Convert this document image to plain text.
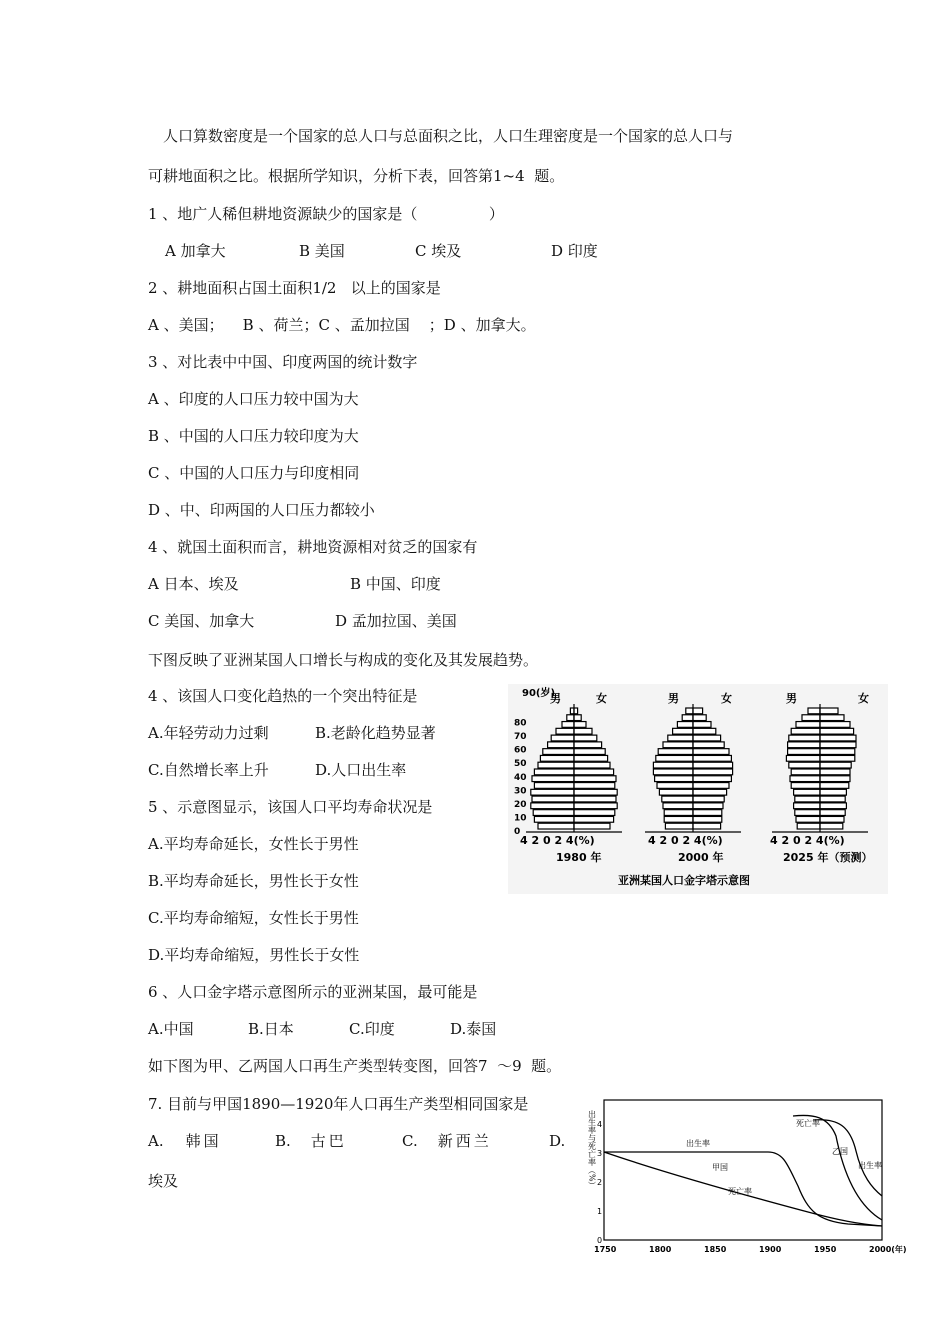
人口算数密度是一个国家的总人口与总面积之比，人口生理密度是一个国家的总人口与
可耕地面积之比。根据所学知识，分析下表，回答第1~4  题。
1 、地广人稀但耕地资源缺少的国家是（               ）
A 加拿大	B 美国	C 埃及	D 印度
2 、耕地面积占国土面积1/2   以上的国家是
A 、美国；    B 、荷兰；C 、孟加拉国    ；D 、加拿大。
3 、对比表中中国、印度两国的统计数字
A 、印度的人口压力较中国为大
B 、中国的人口压力较印度为大
C 、中国的人口压力与印度相同
D 、中、印两国的人口压力都较小
4 、就国土面积而言，耕地资源相对贫乏的国家有
A 日本、埃及	B 中国、印度
C 美国、加拿大	D 孟加拉国、美国
下图反映了亚洲某国人口增长与构成的变化及其发展趋势。
4 、该国人口变化趋热的一个突出特征是
A.年轻劳动力过剩	B.老龄化趋势显著
C.自然增长率上升	D.人口出生率
5 、示意图显示，该国人口平均寿命状况是
A.平均寿命延长，女性长于男性
B.平均寿命延长，男性长于女性
C.平均寿命缩短，女性长于男性
D.平均寿命缩短，男性长于女性
6 、人口金字塔示意图所示的亚洲某国，最可能是
A.中国	B.日本	C.印度	D.泰国
如下图为甲、乙两国人口再生产类型转变图，回答7  ～9  题。
7. 目前与甲国1890—1920年人口再生产类型相同国家是
A. 韩国	B. 古巴	C. 新西兰	D.
埃及
80
70
60
50
40
30
20
10
0
90(岁)
男	女	男	女	男	女
4 2 0 2 4(%)	4 2 0 2 4(%)	4 2 0 2 4(%)
1980 年	2000 年	2025 年（预测）
亚洲某国人口金字塔示意图
出生率与死亡率（%） 4
3
2
1
0
1750	1800	1850	1900	1950	2000(年)
出生率
甲国
死亡率
死亡率
乙国
出生率
